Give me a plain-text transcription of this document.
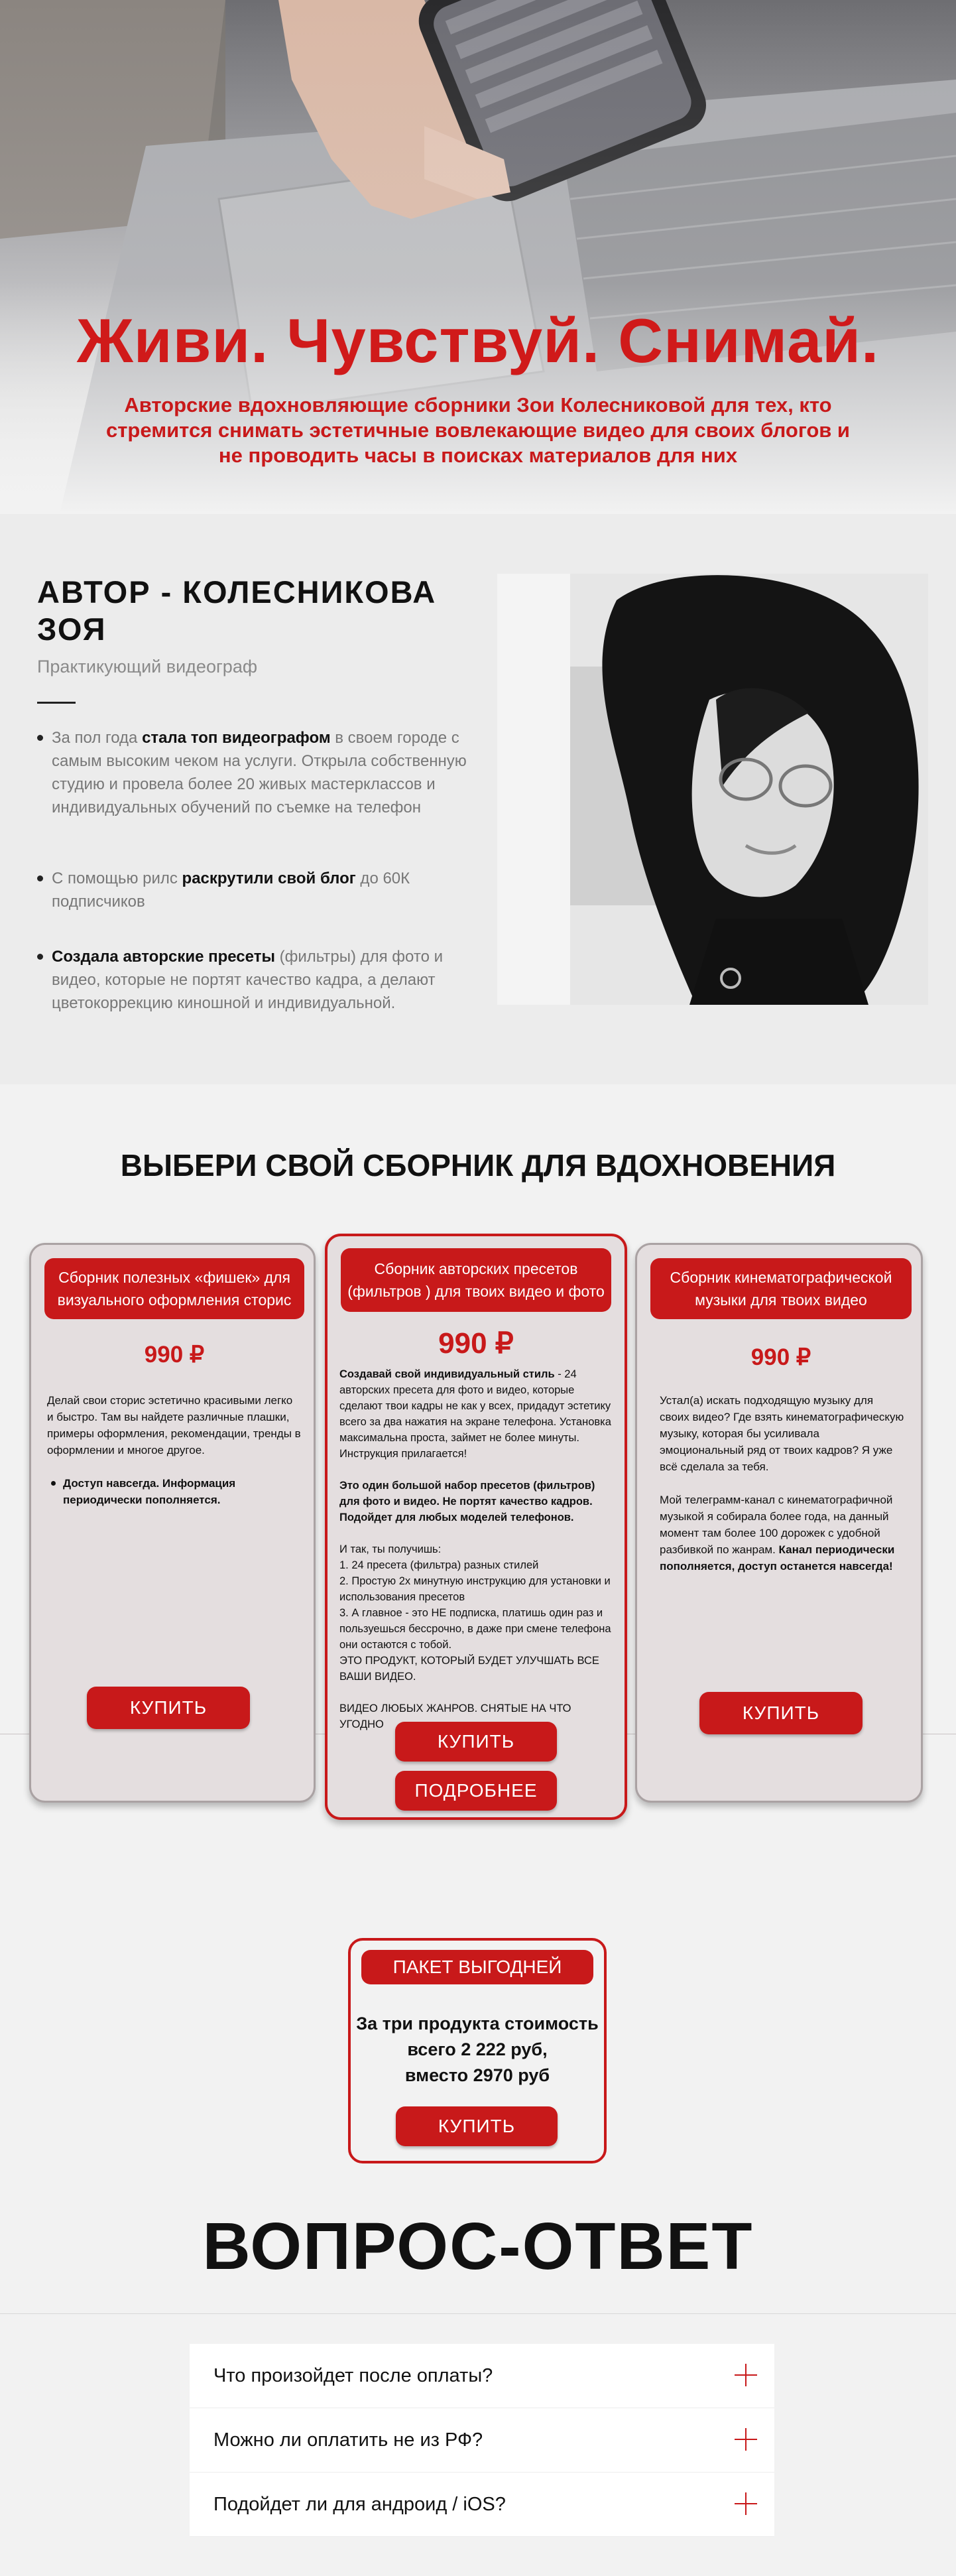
Живи. Чувствуй. Снимай.

Авторские вдохновляющие сборники Зои Колесниковой для тех, кто стремится снимать эстетичные вовлекающие видео для своих блогов и не проводить часы в поисках материалов для них

АВТОР - КОЛЕСНИКОВА ЗОЯ
Практикующий видеограф
За пол года стала топ видеографом в своем городе с самым высоким чеком на услуги. Открыла собственную студию и провела более 20 живых мастерклассов и индивидуальных обучений по съемке на телефон
С помощью рилс раскрутили свой блог до 60К подписчиков
Создала авторские пресеты (фильтры) для фото и видео, которые не портят качество кадра, а делают цветокоррекцию киношной и индивидуальной.
ВЫБЕРИ СВОЙ СБОРНИК ДЛЯ ВДОХНОВЕНИЯ
Сборник полезных «фишек» для визуального оформления сторис
990 ₽

Делай свои сторис эстетично красивыми легко и быстро. Там вы найдете различные плашки, примеры оформления, рекомендации, тренды в оформлении и многое другое.

Доступ навсегда. Информация периодически пополняется.
КУПИТЬ
Сборник кинематографической музыки для твоих видео
990 ₽

Устал(а) искать подходящую музыку для своих видео? Где взять кинематографическую музыку, которая бы усиливала эмоциональный ряд от твоих кадров? Я уже всё сделала за тебя.

Мой телеграмм-канал с кинематографичной музыкой я собирала более года, на данный момент там более 100 дорожек с удобной разбивкой по жанрам. Канал периодически пополняется, доступ останется навсегда!

КУПИТЬ
Сборник авторских пресетов (фильтров ) для твоих видео и фото
990 ₽

Создавай свой индивидуальный стиль - 24 авторских пресета для фото и видео, которые сделают твои кадры не как у всех, придадут эстетику всего за два нажатия на экране телефона. Установка максимальна проста, займет не более минуты. Инструкция прилагается!

Это один большой набор пресетов (фильтров) для фото и видео. Не портят качество кадров. Подойдет для любых моделей телефонов.

И так, ты получишь:
1. 24 пресета (фильтра) разных стилей
2. Простую 2х минутную инструкцию для установки и использования пресетов
3. А главное - это НЕ подписка, платишь один раз и пользуешься бессрочно, в даже при смене телефона они остаются с тобой.
ЭТО ПРОДУКТ, КОТОРЫЙ БУДЕТ УЛУЧШАТЬ ВСЕ ВАШИ ВИДЕО.
ВИДЕО ЛЮБЫХ ЖАНРОВ. СНЯТЫЕ НА ЧТО УГОДНО
КУПИТЬ
ПОДРОБНЕЕ
ПАКЕТ ВЫГОДНЕЙ
За три продукта стоимость
всего 2 222 руб,
вместо 2970 руб
КУПИТЬ
ВОПРОС-ОТВЕТ
Что произойдет после оплаты?
Можно ли оплатить не из РФ?
Подойдет ли для андроид / iOS?
